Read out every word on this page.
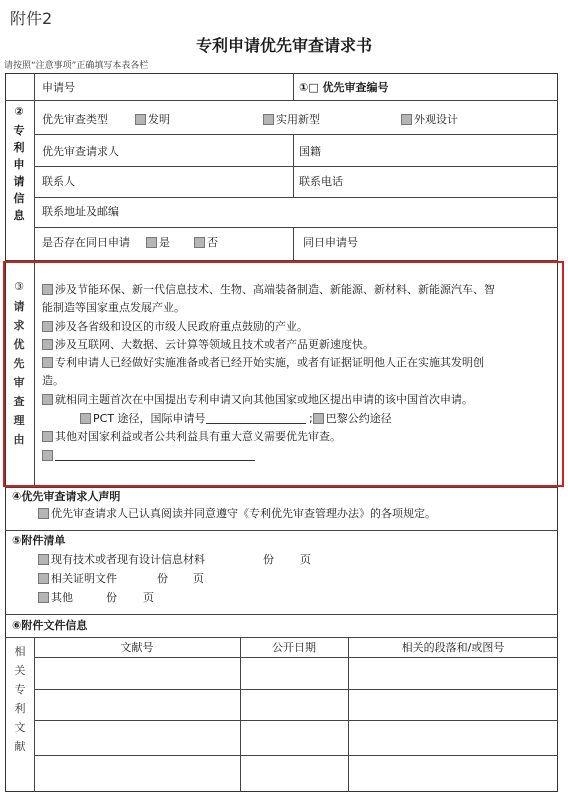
附件2
专利申请优先审查请求书
请按照“注意事项”正确填写本表各栏
②
专
利
申
请
信
息
申请号	①□ 优先审查编号
优先审查类型	发明	实用新型	外观设计
优先审查请求人	国籍
联系人	联系电话
联系地址及邮编
是否存在同日申请	是	否	同日申请号
③
请
求
优
先
审
查
理
由
涉及节能环保、新一代信息技术、生物、高端装备制造、新能源、新材料、新能源汽车、智
能制造等国家重点发展产业。
涉及各省级和设区的市级人民政府重点鼓励的产业。
涉及互联网、大数据、云计算等领域且技术或者产品更新速度快。
专利申请人已经做好实施准备或者已经开始实施，或者有证据证明他人正在实施其发明创
造。
就相同主题首次在中国提出专利申请又向其他国家或地区提出申请的该中国首次申请。
PCT 途径，国际申请号	; 巴黎公约途径
其他对国家利益或者公共利益具有重大意义需要优先审查。
④优先审查请求人声明
优先审查请求人已认真阅读并同意遵守《专利优先审查管理办法》的各项规定。
⑤附件清单
现有技术或者现有设计信息材料	份 页
相关证明文件	份 页
其他	份 页
⑥附件文件信息
相
关
专
利
文
献
文献号	公开日期	相关的段落和/或图号
